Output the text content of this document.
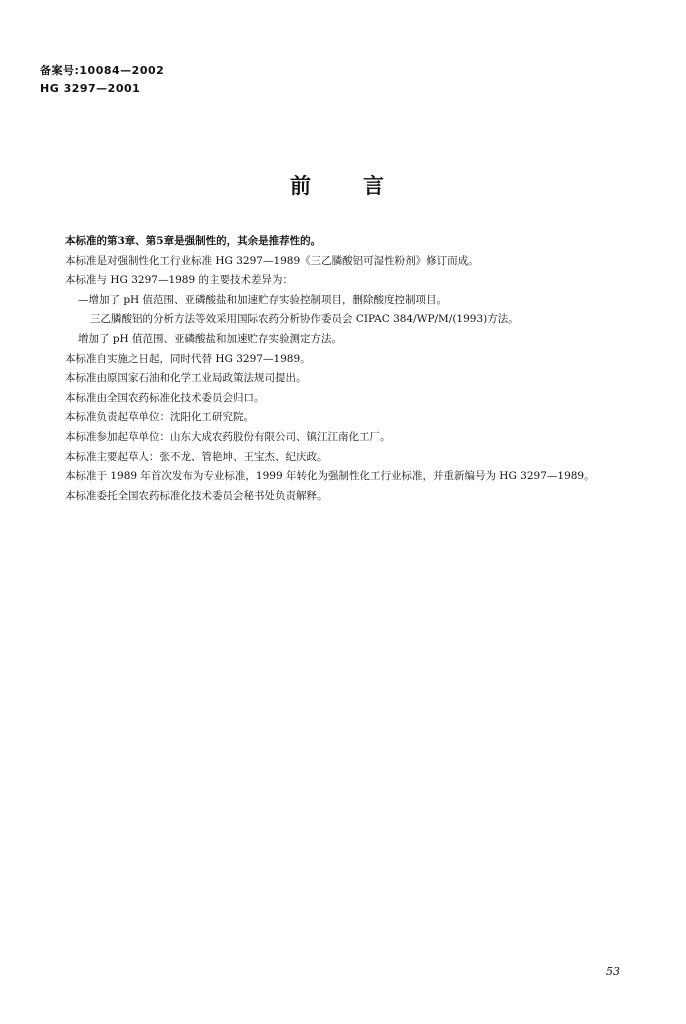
备案号:10084—2002
HG 3297—2001
前言
本标准的第3章、第5章是强制性的，其余是推荐性的。
本标准是对强制性化工行业标准 HG 3297—1989《三乙膦酸铝可湿性粉剂》修订而成。
本标准与 HG 3297—1989 的主要技术差异为：
—增加了 pH 值范围、亚磷酸盐和加速贮存实验控制项目，删除酸度控制项目。
三乙膦酸铝的分析方法等效采用国际农药分析协作委员会 CIPAC 384/WP/M/(1993)方法。
增加了 pH 值范围、亚磷酸盐和加速贮存实验测定方法。
本标准自实施之日起，同时代替 HG 3297—1989。
本标准由原国家石油和化学工业局政策法规司提出。
本标准由全国农药标准化技术委员会归口。
本标准负责起草单位：沈阳化工研究院。
本标准参加起草单位：山东大成农药股份有限公司、镇江江南化工厂。
本标准主要起草人：张不龙、管艳坤、王宝杰、纪庆政。
本标准于 1989 年首次发布为专业标准，1999 年转化为强制性化工行业标准，并重新编号为 HG 3297—1989。
本标准委托全国农药标准化技术委员会秘书处负责解释。
53
